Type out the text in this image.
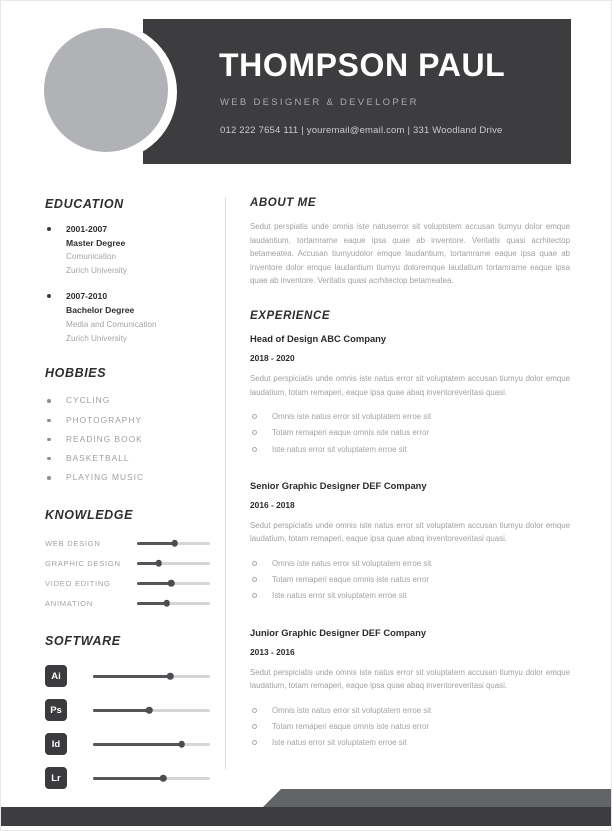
THOMPSON PAUL
WEB DESIGNER & DEVELOPER
012 222 7654 111 | youremail@email.com | 331 Woodland Drive
EDUCATION
2001-2007
Master Degree
Comunication
Zurich University
2007-2010
Bachelor Degree
Media and Comunication
Zurich University
HOBBIES
CYCLING
PHOTOGRAPHY
READING BOOK
BASKETBALL
PLAYING MUSIC
KNOWLEDGE
WEB DESIGN
GRAPHIC DESIGN
VIDEO EDITING
ANIMATION
SOFTWARE
Ai
Ps
Id
Lr
ABOUT ME

Sedut perspiatis unde omnis iste natuserror sit voluptstem accusan tiumyu dolor emque laudantium, tortamrame eaque ipsa quae ab inventore. Veritatis quasi acrhitectop betameatea. Accusan tiumyudolor emque laudantium, tortamrame eaque ipsa quae ab inventore dolor emque laudantium tiumyu doloremque laudatium tortamrame eaque ipsa quae ab inventore. Veritatis quasi acrhitectop betameatea.

EXPERIENCE
Head of Design ABC Company
2018 - 2020

Sedut perspiciatis unde omnis iste natus error sit voluptatem accusan tiumyu dolor emque laudatium, totam remaperi, eaque ipsa quae abaq inventoreveritasi quasi.

Omnis iste natus error sit voluptatem erroe sit
Totam remaperi eaque omnis iste natus error
Iste natus error sit voluptatem erroe sit
Senior Graphic Designer DEF Company
2016 - 2018

Sedut perspiciatis unde omnis iste natus error sit voluptatem accusan tiumyu dolor emque laudatium, totam remaperi, eaque ipsa quae abaq inventoreveritasi quasi.

Omnis iste natus error sit voluptatem erroe sit
Totam remaperi eaque omnis iste natus error
Iste natus error sit voluptatem erroe sit
Junior Graphic Designer DEF Company
2013 - 2016

Sedut perspiciatis unde omnis iste natus error sit voluptatem accusan tiumyu dolor emque laudatium, totam remaperi, eaque ipsa quae abaq inventoreveritasi quasi.

Omnis iste natus error sit voluptatem erroe sit
Totam remaperi eaque omnis iste natus error
Iste natus error sit voluptatem erroe sit
